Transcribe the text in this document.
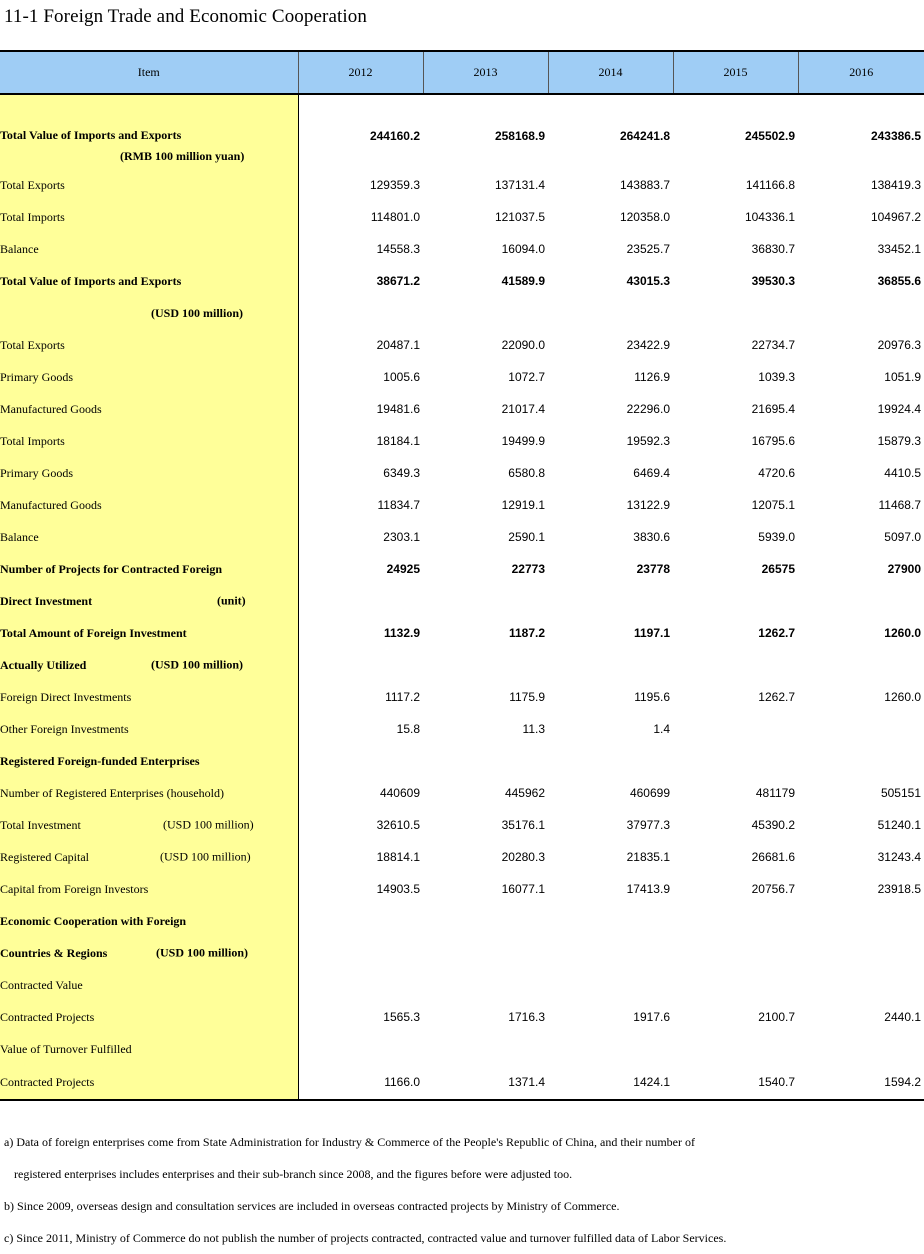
11-1 Foreign Trade and Economic Cooperation
Item	2012	2013	2014	2015	2016

Total Value of Imports and Exports	244160.2	258168.9	264241.8	245502.9	243386.5
(RMB 100 million yuan)					
Total Exports	129359.3	137131.4	143883.7	141166.8	138419.3
Total Imports	114801.0	121037.5	120358.0	104336.1	104967.2
Balance	14558.3	16094.0	23525.7	36830.7	33452.1
Total Value of Imports and Exports	38671.2	41589.9	43015.3	39530.3	36855.6
(USD 100 million)					
Total Exports	20487.1	22090.0	23422.9	22734.7	20976.3
Primary Goods	1005.6	1072.7	1126.9	1039.3	1051.9
Manufactured Goods	19481.6	21017.4	22296.0	21695.4	19924.4
Total Imports	18184.1	19499.9	19592.3	16795.6	15879.3
Primary Goods	6349.3	6580.8	6469.4	4720.6	4410.5
Manufactured Goods	11834.7	12919.1	13122.9	12075.1	11468.7
Balance	2303.1	2590.1	3830.6	5939.0	5097.0
Number of Projects for Contracted Foreign	24925	22773	23778	26575	27900
Direct Investment (unit)					

Total Amount of Foreign Investment	1132.9	1187.2	1197.1	1262.7	1260.0
Actually Utilized (USD 100 million)					

Foreign Direct Investments	1117.2	1175.9	1195.6	1262.7	1260.0
Other Foreign Investments	15.8	11.3	1.4		
Registered Foreign-funded Enterprises					
Number of Registered Enterprises (household)	440609	445962	460699	481179	505151
Total Investment (USD 100 million)	32610.5	35176.1	37977.3	45390.2	51240.1
Registered Capital (USD 100 million)	18814.1	20280.3	21835.1	26681.6	31243.4
Capital from Foreign Investors	14903.5	16077.1	17413.9	20756.7	23918.5
Economic Cooperation with Foreign					
Countries & Regions (USD 100 million)					

Contracted Value					
Contracted Projects	1565.3	1716.3	1917.6	2100.7	2440.1
Value of Turnover Fulfilled					
Contracted Projects	1166.0	1371.4	1424.1	1540.7	1594.2
a) Data of foreign enterprises come from State Administration for Industry & Commerce of the People's Republic of China, and their number of
registered enterprises includes enterprises and their sub-branch since 2008, and the figures before were adjusted too.
b) Since 2009, overseas design and consultation services are included in overseas contracted projects by Ministry of Commerce.
c) Since 2011, Ministry of Commerce do not publish the number of projects contracted, contracted value and turnover fulfilled data of Labor Services.
